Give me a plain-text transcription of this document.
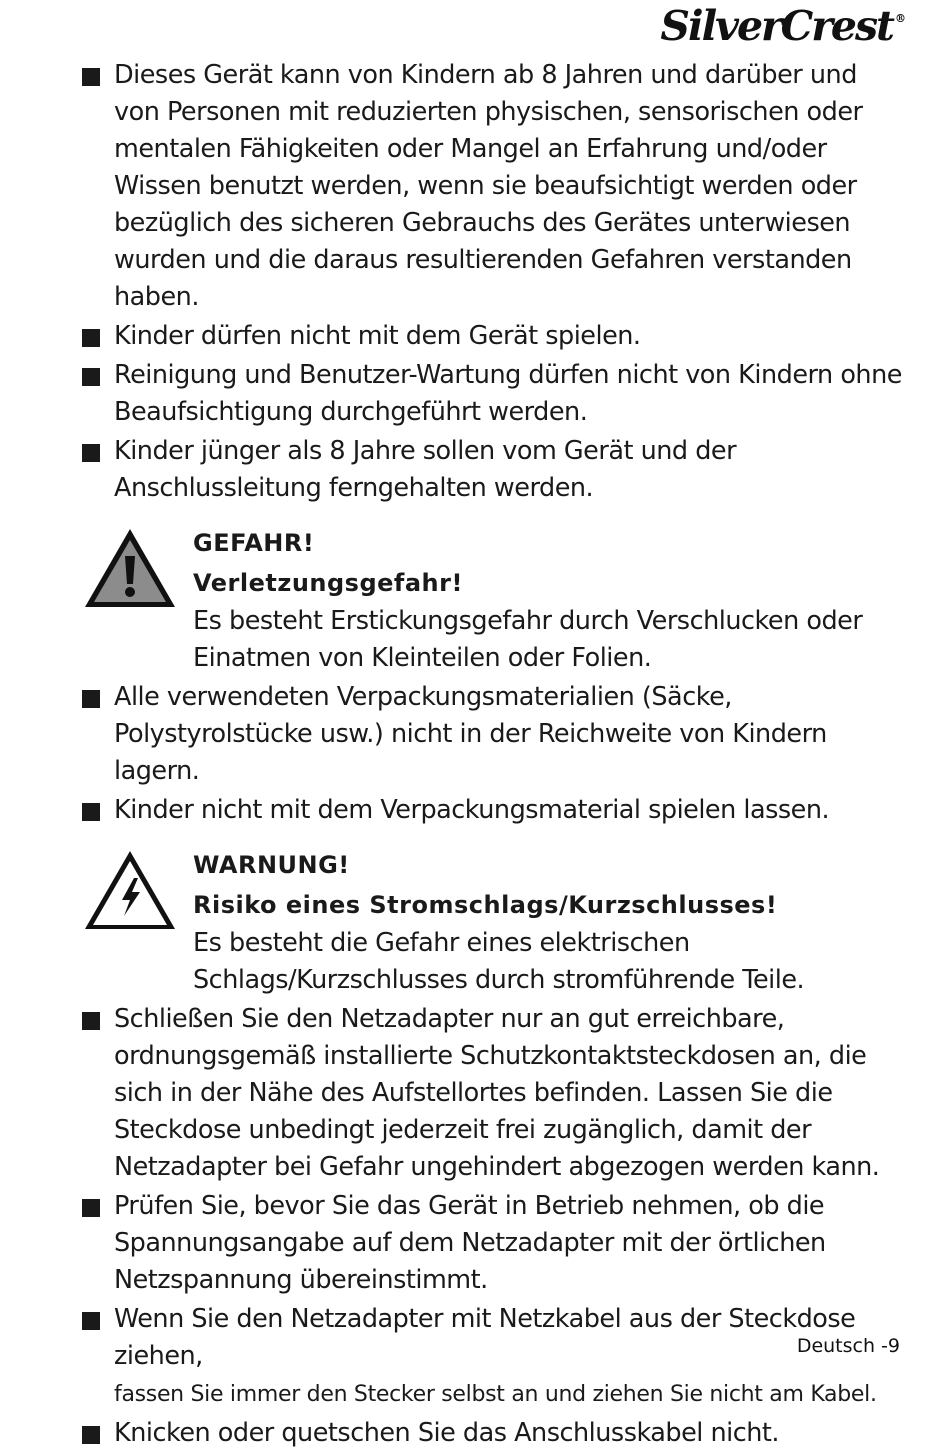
SilverCrest ®
Dieses Gerät kann von Kindern ab 8 Jahren und darüber und von Personen mit reduzierten physischen, sensorischen oder mentalen Fähigkeiten oder Mangel an Erfahrung und/oder Wissen benutzt werden, wenn sie beaufsichtigt werden oder bezüglich des sicheren Gebrauchs des Gerätes unterwiesen wurden und die daraus resultierenden Gefahren verstanden haben.
Kinder dürfen nicht mit dem Gerät spielen.
Reinigung und Benutzer-Wartung dürfen nicht von Kindern ohne Beaufsichtigung durchgeführt werden.
Kinder jünger als 8 Jahre sollen vom Gerät und der Anschlussleitung ferngehalten werden.
GEFAHR!
Verletzungsgefahr!
Es besteht Erstickungsgefahr durch Verschlucken oder Einatmen von Kleinteilen oder Folien.
Alle verwendeten Verpackungsmaterialien (Säcke, Polystyrolstücke usw.) nicht in der Reichweite von Kindern lagern.
Kinder nicht mit dem Verpackungsmaterial spielen lassen.
WARNUNG!
Risiko eines Stromschlags/Kurzschlusses!
Es besteht die Gefahr eines elektrischen Schlags/Kurzschlusses durch stromführende Teile.
Schließen Sie den Netzadapter nur an gut erreichbare, ordnungsgemäß installierte Schutzkontaktsteckdosen an, die sich in der Nähe des Aufstellortes befinden. Lassen Sie die Steckdose unbedingt jederzeit frei zugänglich, damit der Netzadapter bei Gefahr ungehindert abgezogen werden kann.
Prüfen Sie, bevor Sie das Gerät in Betrieb nehmen, ob die Spannungsangabe auf dem Netzadapter mit der örtlichen Netzspannung übereinstimmt.
Wenn Sie den Netzadapter mit Netzkabel aus der Steckdose ziehen,
fassen Sie immer den Stecker selbst an und ziehen Sie nicht am Kabel.
Knicken oder quetschen Sie das Anschlusskabel nicht.
Deutsch -9
